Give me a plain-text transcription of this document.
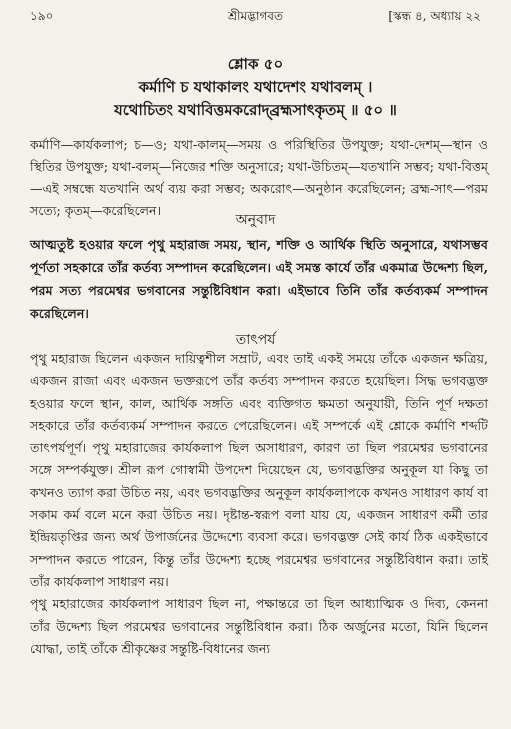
১৯০	শ্রীমদ্ভাগবত	[স্কন্ধ ৪, অধ্যায় ২২
শ্লোক ৫০
কর্মাণি চ যথাকালং যথাদেশং যথাবলম্ ।
যথোচিতং যথাবিত্তমকরোদ্‌ব্রহ্মসাৎকৃতম্ ॥ ৫০ ॥
কর্মাণি—কার্যকলাপ; চ—ও; যথা-কালম্—সময় ও পরিস্থিতির উপযুক্ত; যথা-দেশম্—স্থান ও স্থিতির উপযুক্ত; যথা-বলম্—নিজের শক্তি অনুসারে; যথা-উচিতম্—যতখানি সম্ভব; যথা-বিত্তম্—এই সম্বন্ধে যতখানি অর্থ ব্যয় করা সম্ভব; অকরোৎ—অনুষ্ঠান করেছিলেন; ব্রহ্ম-সাৎ—পরম সত্যে; কৃতম্—করেছিলেন।
অনুবাদ
আত্মতুষ্ট হওয়ার ফলে পৃথু মহারাজ সময়, স্থান, শক্তি ও আর্থিক স্থিতি অনুসারে, যথাসম্ভব পূর্ণতা সহকারে তাঁর কর্তব্য সম্পাদন করেছিলেন। এই সমস্ত কার্যে তাঁর একমাত্র উদ্দেশ্য ছিল, পরম সত্য পরমেশ্বর ভগবানের সন্তুষ্টিবিধান করা। এইভাবে তিনি তাঁর কর্তব্যকর্ম সম্পাদন করেছিলেন।
তাৎপর্য

পৃথু মহারাজ ছিলেন একজন দায়িত্বশীল সম্রাট, এবং তাই একই সময়ে তাঁকে একজন ক্ষত্রিয়, একজন রাজা এবং একজন ভক্তরূপে তাঁর কর্তব্য সম্পাদন করতে হয়েছিল। সিদ্ধ ভগবদ্ভক্ত হওয়ার ফলে স্থান, কাল, আর্থিক সঙ্গতি এবং ব্যক্তিগত ক্ষমতা অনুযায়ী, তিনি পূর্ণ দক্ষতা সহকারে তাঁর কর্তব্যকর্ম সম্পাদন করতে পেরেছিলেন। এই সম্পর্কে এই শ্লোকে কর্মাণি শব্দটি তাৎপর্যপূর্ণ। পৃথু মহারাজের কার্যকলাপ ছিল অসাধারণ, কারণ তা ছিল পরমেশ্বর ভগবানের সঙ্গে সম্পর্কযুক্ত। শ্রীল রূপ গোস্বামী উপদেশ দিয়েছেন যে, ভগবদ্ভক্তির অনুকূল যা কিছু তা কখনও ত্যাগ করা উচিত নয়, এবং ভগবদ্ভক্তির অনুকূল কার্যকলাপকে কখনও সাধারণ কার্য বা সকাম কর্ম বলে মনে করা উচিত নয়। দৃষ্টান্ত-স্বরূপ বলা যায় যে, একজন সাধারণ কর্মী তার ইন্দ্রিয়তৃপ্তির জন্য অর্থ উপার্জনের উদ্দেশ্যে ব্যবসা করে। ভগবদ্ভক্ত সেই কার্য ঠিক একইভাবে সম্পাদন করতে পারেন, কিন্তু তাঁর উদ্দেশ্য হচ্ছে পরমেশ্বর ভগবানের সন্তুষ্টিবিধান করা। তাই তাঁর কার্যকলাপ সাধারণ নয়।

পৃথু মহারাজের কার্যকলাপ সাধারণ ছিল না, পক্ষান্তরে তা ছিল আধ্যাত্মিক ও দিব্য, কেননা তাঁর উদ্দেশ্য ছিল পরমেশ্বর ভগবানের সন্তুষ্টিবিধান করা। ঠিক অর্জুনের মতো, যিনি ছিলেন যোদ্ধা, তাই তাঁকে শ্রীকৃষ্ণের সন্তুষ্টি-বিধানের জন্য
